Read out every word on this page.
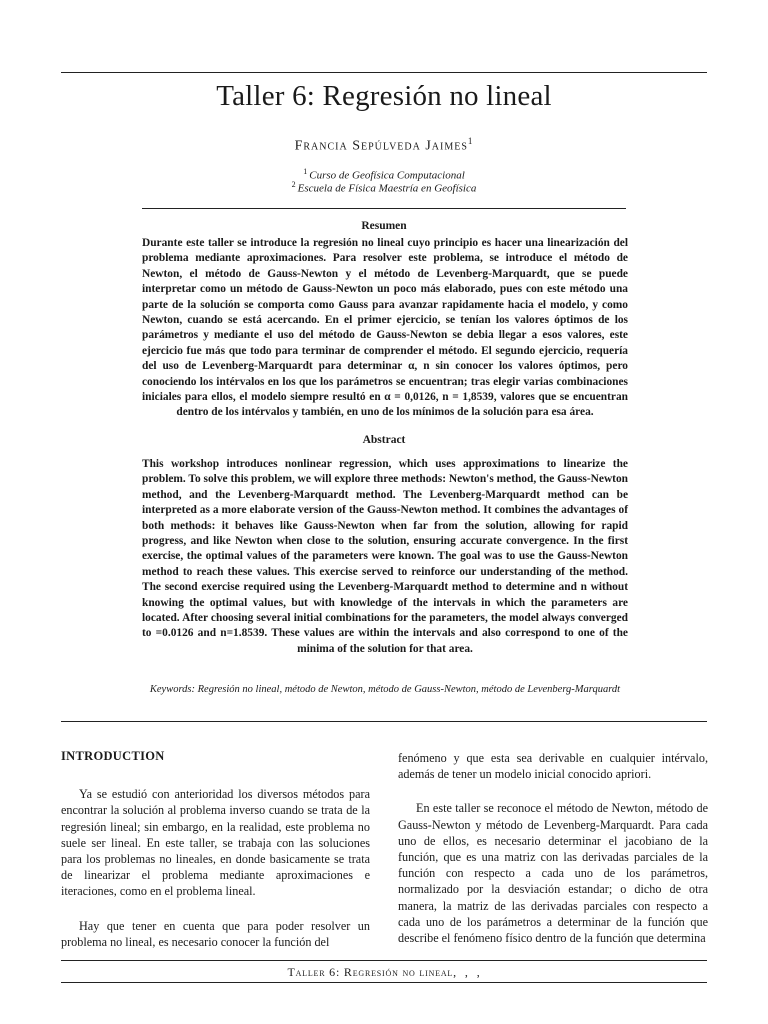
Taller 6: Regresión no lineal
Francia Sepúlveda Jaimes$^1$
$^1$ Curso de Geofísica Computacional
$^2$ Escuela de Física Maestría en Geofísica
Resumen
Durante este taller se introduce la regresión no lineal cuyo principio es hacer una linearización del problema mediante aproximaciones. Para resolver este problema, se introduce el método de Newton, el método de Gauss-Newton y el método de Levenberg-Marquardt, que se puede interpretar como un método de Gauss-Newton un poco más elaborado, pues con este método una parte de la solución se comporta como Gauss para avanzar rapidamente hacia el modelo, y como Newton, cuando se está acercando. En el primer ejercicio, se tenían los valores óptimos de los parámetros y mediante el uso del método de Gauss-Newton se debia llegar a esos valores, este ejercicio fue más que todo para terminar de comprender el método. El segundo ejercicio, requería del uso de Levenberg-Marquardt para determinar α, n sin conocer los valores óptimos, pero conociendo los intérvalos en los que los parámetros se encuentran; tras elegir varias combinaciones iniciales para ellos, el modelo siempre resultó en α = 0,0126, n = 1,8539, valores que se encuentran dentro de los intérvalos y también, en uno de los mínimos de la solución para esa área.
Abstract
This workshop introduces nonlinear regression, which uses approximations to linearize the problem. To solve this problem, we will explore three methods: Newton's method, the Gauss-Newton method, and the Levenberg-Marquardt method. The Levenberg-Marquardt method can be interpreted as a more elaborate version of the Gauss-Newton method. It combines the advantages of both methods: it behaves like Gauss-Newton when far from the solution, allowing for rapid progress, and like Newton when close to the solution, ensuring accurate convergence. In the first exercise, the optimal values of the parameters were known. The goal was to use the Gauss-Newton method to reach these values. This exercise served to reinforce our understanding of the method. The second exercise required using the Levenberg-Marquardt method to determine and n without knowing the optimal values, but with knowledge of the intervals in which the parameters are located. After choosing several initial combinations for the parameters, the model always converged to =0.0126 and n=1.8539. These values are within the intervals and also correspond to one of the minima of the solution for that area.
Keywords: Regresión no lineal, método de Newton, método de Gauss-Newton, método de Levenberg-Marquardt
INTRODUCTION

Ya se estudió con anterioridad los diversos métodos para encontrar la solución al problema inverso cuando se trata de la regresión lineal; sin embargo, en la realidad, este problema no suele ser lineal. En este taller, se trabaja con las soluciones para los problemas no lineales, en donde basicamente se trata de linearizar el problema mediante aproximaciones e iteraciones, como en el problema lineal.

Hay que tener en cuenta que para poder resolver un problema no lineal, es necesario conocer la función del

fenómeno y que esta sea derivable en cualquier intérvalo, además de tener un modelo inicial conocido apriori.

En este taller se reconoce el método de Newton, método de Gauss-Newton y método de Levenberg-Marquardt. Para cada uno de ellos, es necesario determinar el jacobiano de la función, que es una matriz con las derivadas parciales de la función con respecto a cada uno de los parámetros, normalizado por la desviación estandar; o dicho de otra manera, la matriz de las derivadas parciales con respecto a cada uno de los parámetros a determinar de la función que describe el fenómeno físico dentro de la función que determina

Taller 6: Regresión no lineal, , ,
